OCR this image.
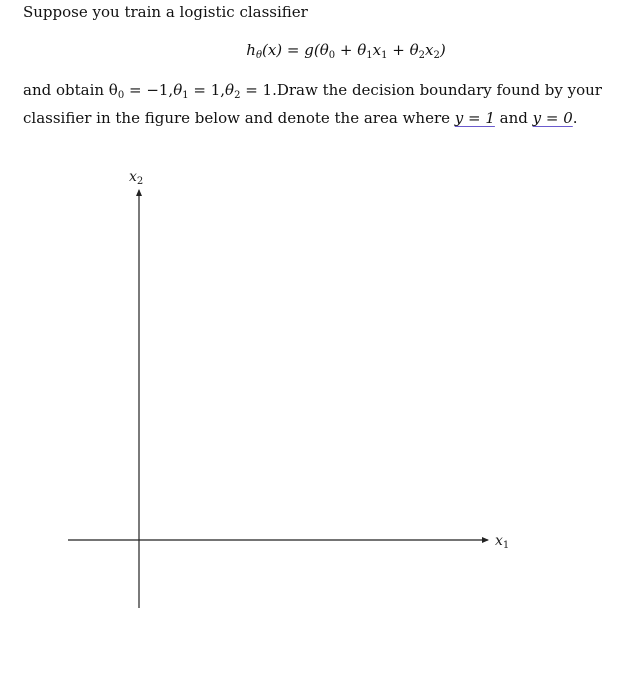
Suppose you train a logistic classifier
$h_\theta(x) = g(\theta_0 + \theta_1x_1 + \theta_2x_2)$
and obtain $\theta_0 = -1$, $\theta_1 = 1$, $\theta_2 = 1$. Draw the decision boundary found by your
classifier in the figure below and denote the area where y = 1 and y = 0.
$x_1$
$x_2$
